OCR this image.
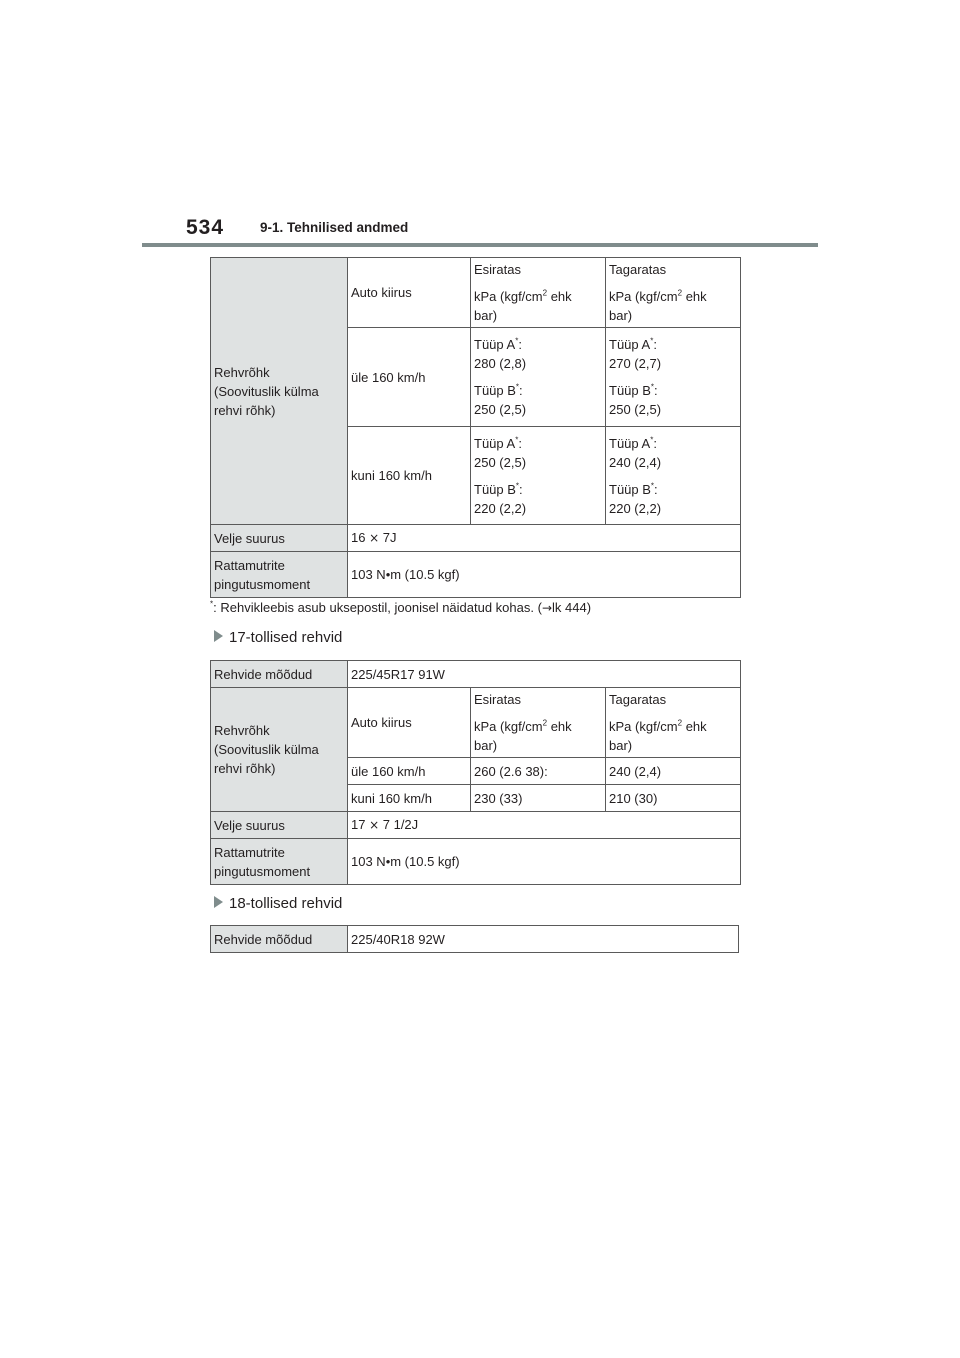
534	9-1. Tehnilised andmed
Rehvrõhk
(Soovituslik külma
rehvi rõhk)	Auto kiirus	Esiratas
kPa ($kgf/cm^2$ ehk
bar)	Tagaratas
kPa ($kgf/cm^2$ ehk
bar)

	üle 160 km/h	Tüüp A*:
280 (2,8)
Tüüp B*:
250 (2,5)	Tüüp A*:
270 (2,7)
Tüüp B*:
250 (2,5)

	kuni 160 km/h	Tüüp A*:
250 (2,5)
Tüüp B*:
220 (2,2)	Tüüp A*:
240 (2,4)
Tüüp B*:
220 (2,2)

Velje suurus	16 × 7J		

Rattamutrite
pingutusmoment	103 N•m (10.5 kgf)		
*: Rehvikleebis asub uksepostil, joonisel näidatud kohas. (→lk 444)
17-tollised rehvid
Rehvide mõõdud	225/45R17 91W		

Rehvrõhk
(Soovituslik külma
rehvi rõhk)	Auto kiirus	Esiratas
kPa ($kgf/cm^2$ ehk
bar)	Tagaratas
kPa ($kgf/cm^2$ ehk
bar)

	üle 160 km/h	260 (2.6 38):	240 (2,4)
	kuni 160 km/h	230 (33)	210 (30)
Velje suurus	17 × 7 1/2J		

Rattamutrite
pingutusmoment	103 N•m (10.5 kgf)		
18-tollised rehvid
Rehvide mõõdud	225/40R18 92W		
